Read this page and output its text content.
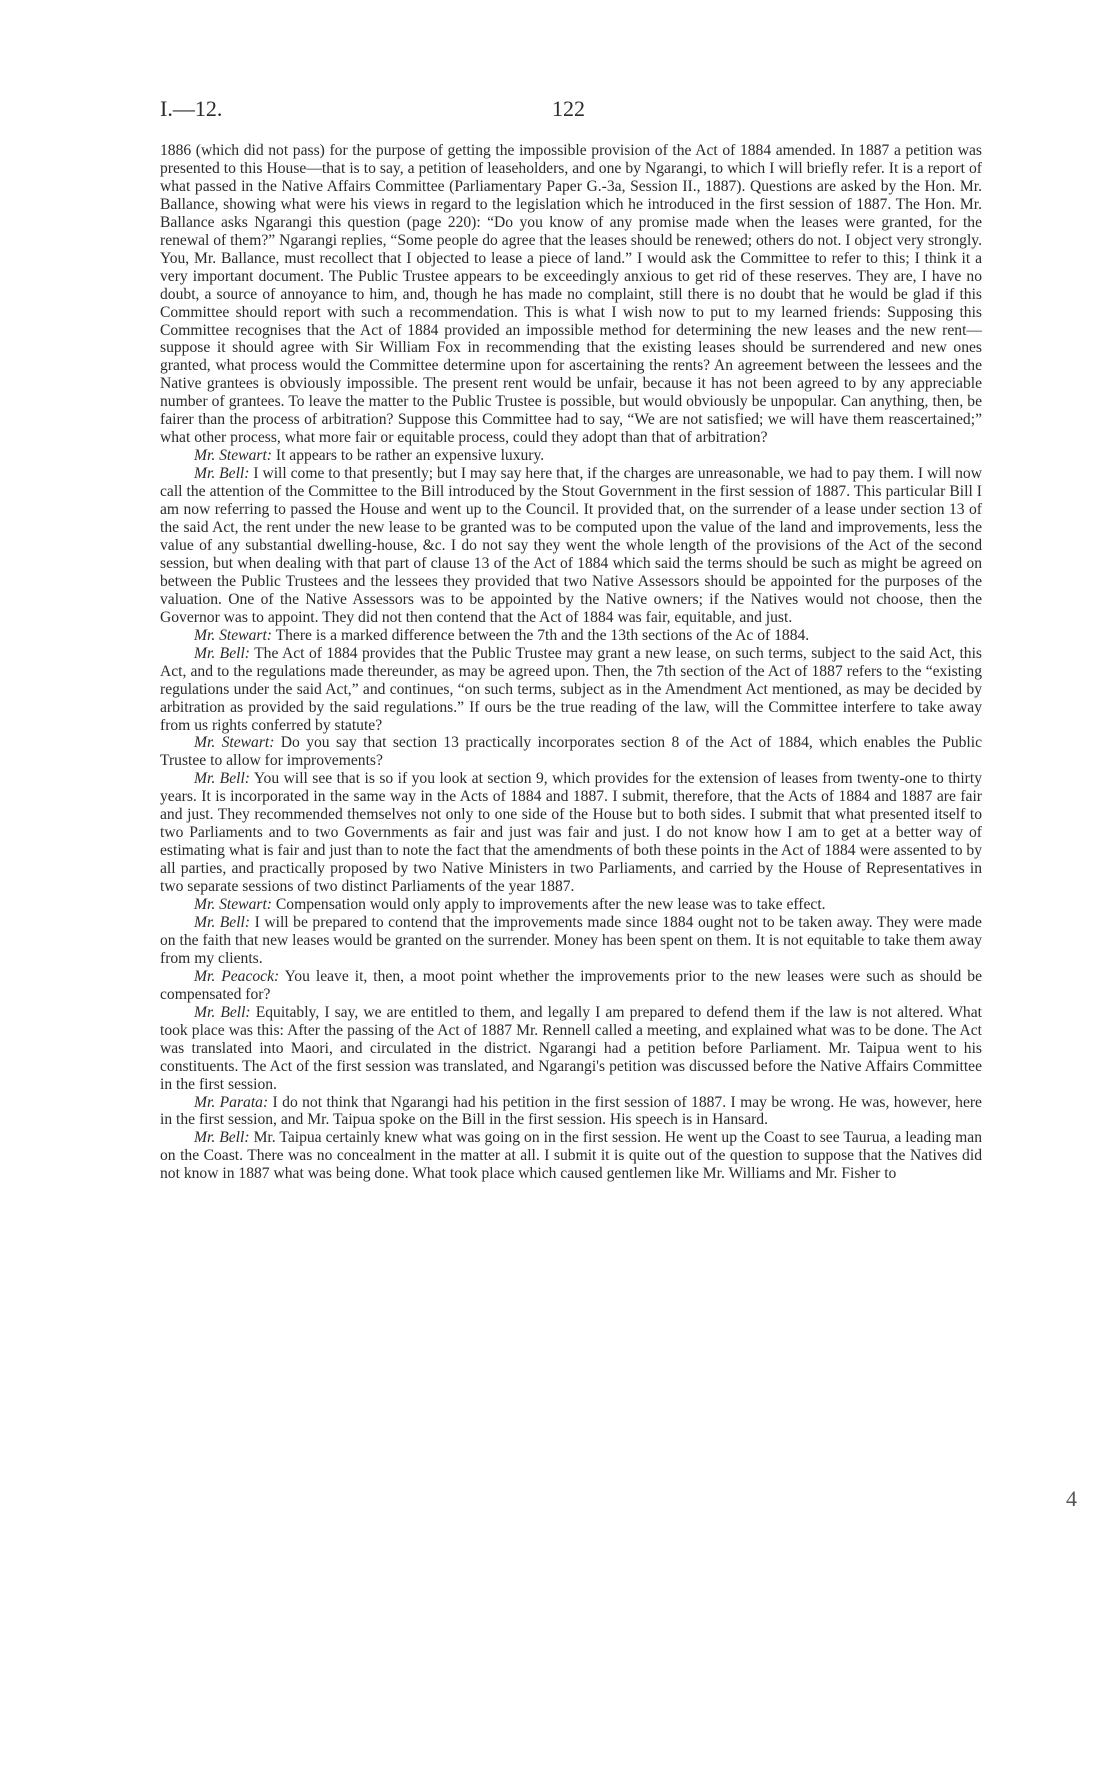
I.—12.	122

1886 (which did not pass) for the purpose of getting the impossible provision of the Act of 1884 amended. In 1887 a petition was presented to this House—that is to say, a petition of leaseholders, and one by Ngarangi, to which I will briefly refer. It is a report of what passed in the Native Affairs Committee (Parliamentary Paper G.-3a, Session II., 1887). Questions are asked by the Hon. Mr. Ballance, showing what were his views in regard to the legislation which he introduced in the first session of 1887. The Hon. Mr. Ballance asks Ngarangi this question (page 220): “Do you know of any promise made when the leases were granted, for the renewal of them?” Ngarangi replies, “Some people do agree that the leases should be renewed; others do not. I object very strongly. You, Mr. Ballance, must recollect that I objected to lease a piece of land.” I would ask the Committee to refer to this; I think it a very important document. The Public Trustee appears to be exceedingly anxious to get rid of these reserves. They are, I have no doubt, a source of annoyance to him, and, though he has made no complaint, still there is no doubt that he would be glad if this Committee should report with such a recommendation. This is what I wish now to put to my learned friends: Supposing this Committee recognises that the Act of 1884 provided an impossible method for determining the new leases and the new rent—suppose it should agree with Sir William Fox in recommending that the existing leases should be surrendered and new ones granted, what process would the Committee determine upon for ascertaining the rents? An agreement between the lessees and the Native grantees is obviously impossible. The present rent would be unfair, because it has not been agreed to by any appreciable number of grantees. To leave the matter to the Public Trustee is possible, but would obviously be unpopular. Can anything, then, be fairer than the process of arbitration? Suppose this Committee had to say, “We are not satisfied; we will have them reascertained;” what other process, what more fair or equitable process, could they adopt than that of arbitration?

Mr. Stewart: It appears to be rather an expensive luxury.

Mr. Bell: I will come to that presently; but I may say here that, if the charges are unreasonable, we had to pay them. I will now call the attention of the Committee to the Bill introduced by the Stout Government in the first session of 1887. This particular Bill I am now referring to passed the House and went up to the Council. It provided that, on the surrender of a lease under section 13 of the said Act, the rent under the new lease to be granted was to be computed upon the value of the land and improvements, less the value of any substantial dwelling-house, &c. I do not say they went the whole length of the provisions of the Act of the second session, but when dealing with that part of clause 13 of the Act of 1884 which said the terms should be such as might be agreed on between the Public Trustees and the lessees they provided that two Native Assessors should be appointed for the purposes of the valuation. One of the Native Assessors was to be appointed by the Native owners; if the Natives would not choose, then the Governor was to appoint. They did not then contend that the Act of 1884 was fair, equitable, and just.

Mr. Stewart: There is a marked difference between the 7th and the 13th sections of the Ac of 1884.

Mr. Bell: The Act of 1884 provides that the Public Trustee may grant a new lease, on such terms, subject to the said Act, this Act, and to the regulations made thereunder, as may be agreed upon. Then, the 7th section of the Act of 1887 refers to the “existing regulations under the said Act,” and continues, “on such terms, subject as in the Amendment Act mentioned, as may be decided by arbitration as provided by the said regulations.” If ours be the true reading of the law, will the Committee interfere to take away from us rights conferred by statute?

Mr. Stewart: Do you say that section 13 practically incorporates section 8 of the Act of 1884, which enables the Public Trustee to allow for improvements?

Mr. Bell: You will see that is so if you look at section 9, which provides for the extension of leases from twenty-one to thirty years. It is incorporated in the same way in the Acts of 1884 and 1887. I submit, therefore, that the Acts of 1884 and 1887 are fair and just. They recommended themselves not only to one side of the House but to both sides. I submit that what presented itself to two Parliaments and to two Governments as fair and just was fair and just. I do not know how I am to get at a better way of estimating what is fair and just than to note the fact that the amendments of both these points in the Act of 1884 were assented to by all parties, and practically proposed by two Native Ministers in two Parliaments, and carried by the House of Representatives in two separate sessions of two distinct Parliaments of the year 1887.

Mr. Stewart: Compensation would only apply to improvements after the new lease was to take effect.

Mr. Bell: I will be prepared to contend that the improvements made since 1884 ought not to be taken away. They were made on the faith that new leases would be granted on the surrender. Money has been spent on them. It is not equitable to take them away from my clients.

Mr. Peacock: You leave it, then, a moot point whether the improvements prior to the new leases were such as should be compensated for?

Mr. Bell: Equitably, I say, we are entitled to them, and legally I am prepared to defend them if the law is not altered. What took place was this: After the passing of the Act of 1887 Mr. Rennell called a meeting, and explained what was to be done. The Act was translated into Maori, and circulated in the district. Ngarangi had a petition before Parliament. Mr. Taipua went to his constituents. The Act of the first session was translated, and Ngarangi's petition was discussed before the Native Affairs Committee in the first session.

Mr. Parata: I do not think that Ngarangi had his petition in the first session of 1887. I may be wrong. He was, however, here in the first session, and Mr. Taipua spoke on the Bill in the first session. His speech is in Hansard.

Mr. Bell: Mr. Taipua certainly knew what was going on in the first session. He went up the Coast to see Taurua, a leading man on the Coast. There was no concealment in the matter at all. I submit it is quite out of the question to suppose that the Natives did not know in 1887 what was being done. What took place which caused gentlemen like Mr. Williams and Mr. Fisher to

4
